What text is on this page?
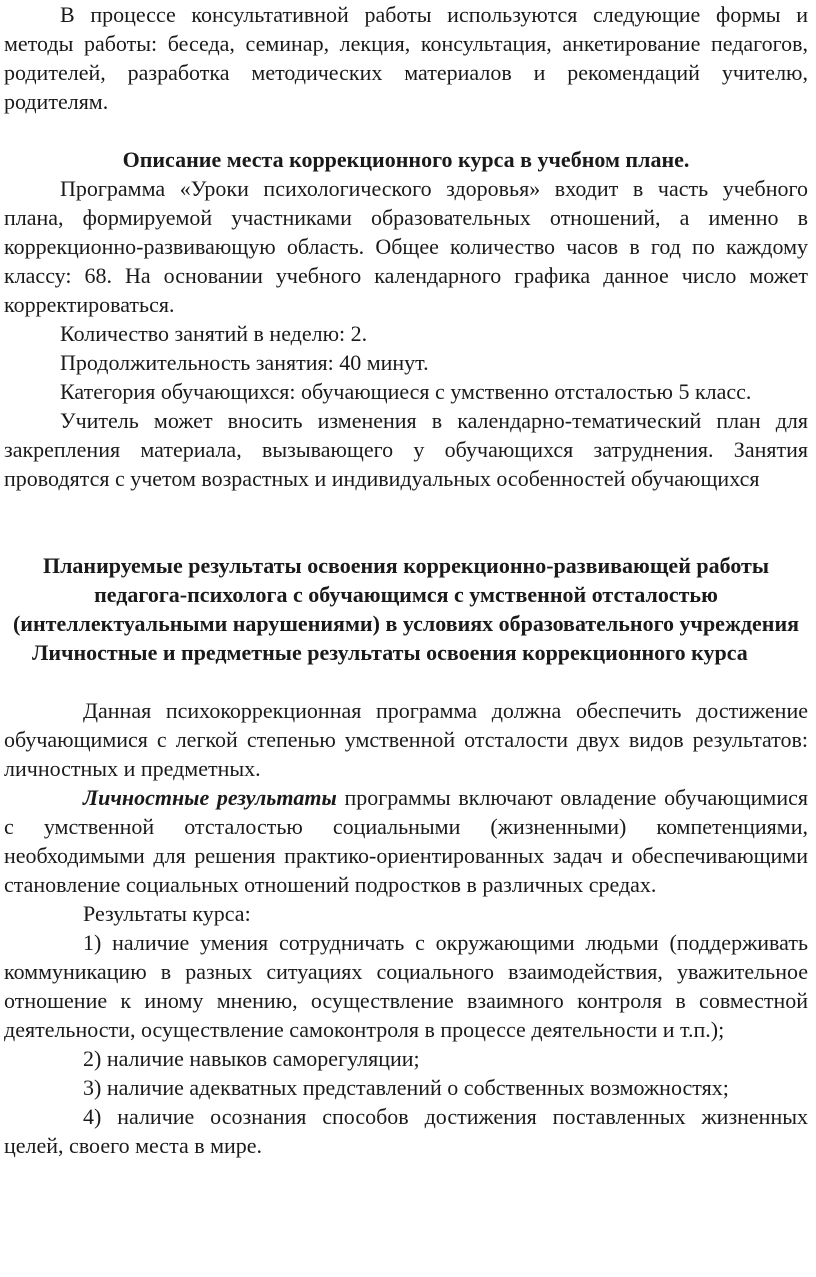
В процессе консультативной работы используются следующие формы и методы работы: беседа, семинар, лекция, консультация, анкетирование педагогов, родителей, разработка методических материалов и рекомендаций учителю, родителям.

Описание места коррекционного курса в учебном плане.

Программа «Уроки психологического здоровья» входит в часть учебного плана, формируемой участниками образовательных отношений, а именно в коррекционно-развивающую область. Общее количество часов в год по каждому классу: 68. На основании учебного календарного графика данное число может корректироваться.

Количество занятий в неделю: 2.

Продолжительность занятия: 40 минут.

Категория обучающихся: обучающиеся с умственно отсталостью 5 класс.

Учитель может вносить изменения в календарно-тематический план для закрепления материала, вызывающего у обучающихся затруднения. Занятия проводятся с учетом возрастных и индивидуальных особенностей обучающихся

Планируемые результаты освоения коррекционно-развивающей работы педагога-психолога с обучающимся с умственной отсталостью (интеллектуальными нарушениями) в условиях образовательного учреждения

Личностные и предметные результаты освоения коррекционного курса

Данная психокоррекционная программа должна обеспечить достижение обучающимися с легкой степенью умственной отсталости двух видов результатов: личностных и предметных.

Личностные результаты программы включают овладение обучающимися с умственной отсталостью социальными (жизненными) компетенциями, необходимыми для решения практико-ориентированных задач и обеспечивающими становление социальных отношений подростков в различных средах.

Результаты курса:

1) наличие умения сотрудничать с окружающими людьми (поддерживать коммуникацию в разных ситуациях социального взаимодействия, уважительное отношение к иному мнению, осуществление взаимного контроля в совместной деятельности, осуществление самоконтроля в процессе деятельности и т.п.);

2) наличие навыков саморегуляции;

3) наличие адекватных представлений о собственных возможностях;

4) наличие осознания способов достижения поставленных жизненных целей, своего места в мире.
